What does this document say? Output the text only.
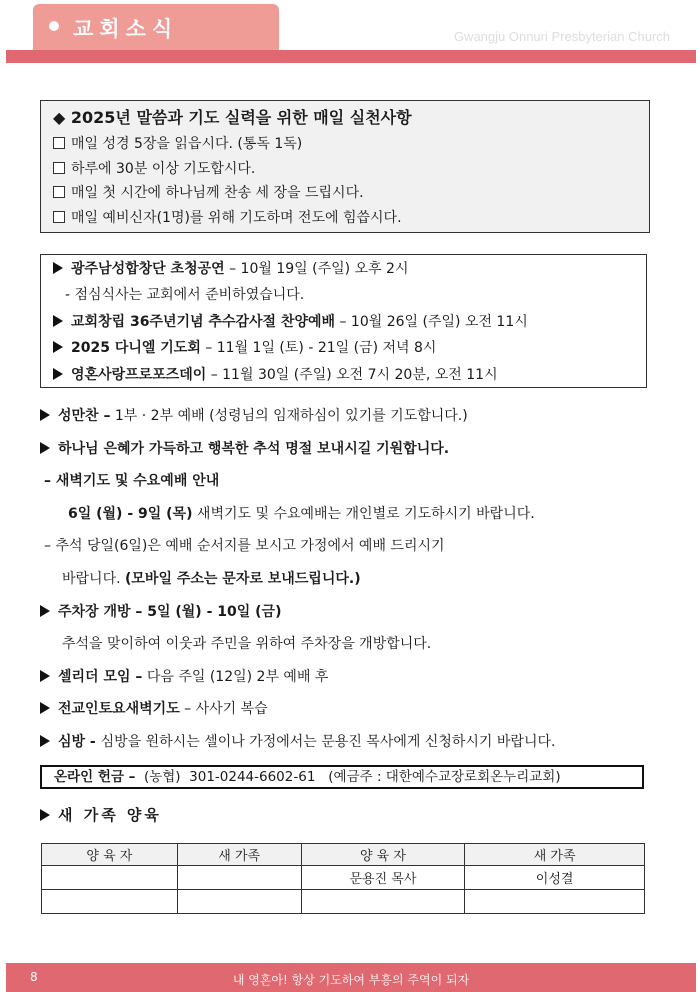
교회소식	Gwangju Onnuri Presbyterian Church
◆ 2025년 말씀과 기도 실력을 위한 매일 실천사항
매일 성경 5장을 읽읍시다. (통독 1독)
하루에 30분 이상 기도합시다.
매일 첫 시간에 하나님께 찬송 세 장을 드립시다.
매일 예비신자(1명)를 위해 기도하며 전도에 힘씁시다.
광주남성합창단 초청공연 – 10월 19일 (주일) 오후 2시
- 점심식사는 교회에서 준비하였습니다.
교회창립 36주년기념 추수감사절 찬양예배 – 10월 26일 (주일) 오전 11시
2025 다니엘 기도회 – 11월 1일 (토) - 21일 (금) 저녁 8시
영혼사랑프로포즈데이 – 11월 30일 (주일) 오전 7시 20분, 오전 11시
성만찬 – 1부 · 2부 예배 (성령님의 임재하심이 있기를 기도합니다.)
하나님 은혜가 가득하고 행복한 추석 명절 보내시길 기원합니다.
– 새벽기도 및 수요예배 안내
6일 (월) - 9일 (목) 새벽기도 및 수요예배는 개인별로 기도하시기 바랍니다.
– 추석 당일(6일)은 예배 순서지를 보시고 가정에서 예배 드리시기
바랍니다. (모바일 주소는 문자로 보내드립니다.)
주차장 개방 – 5일 (월) - 10일 (금)
추석을 맞이하여 이웃과 주민을 위하여 주차장을 개방합니다.
셀리더 모임 – 다음 주일 (12일) 2부 예배 후
전교인토요새벽기도 – 사사기 복습
심방 - 심방을 원하시는 셀이나 가정에서는 문용진 목사에게 신청하시기 바랍니다.
온라인 헌금 –  (농협)  301-0244-6602-61   (예금주 : 대한예수교장로회온누리교회)
새 가족 양육
양 육 자	새 가족	양 육 자	새 가족
		문용진 목사	이성결

8	내 영혼아! 항상 기도하여 부흥의 주역이 되자
